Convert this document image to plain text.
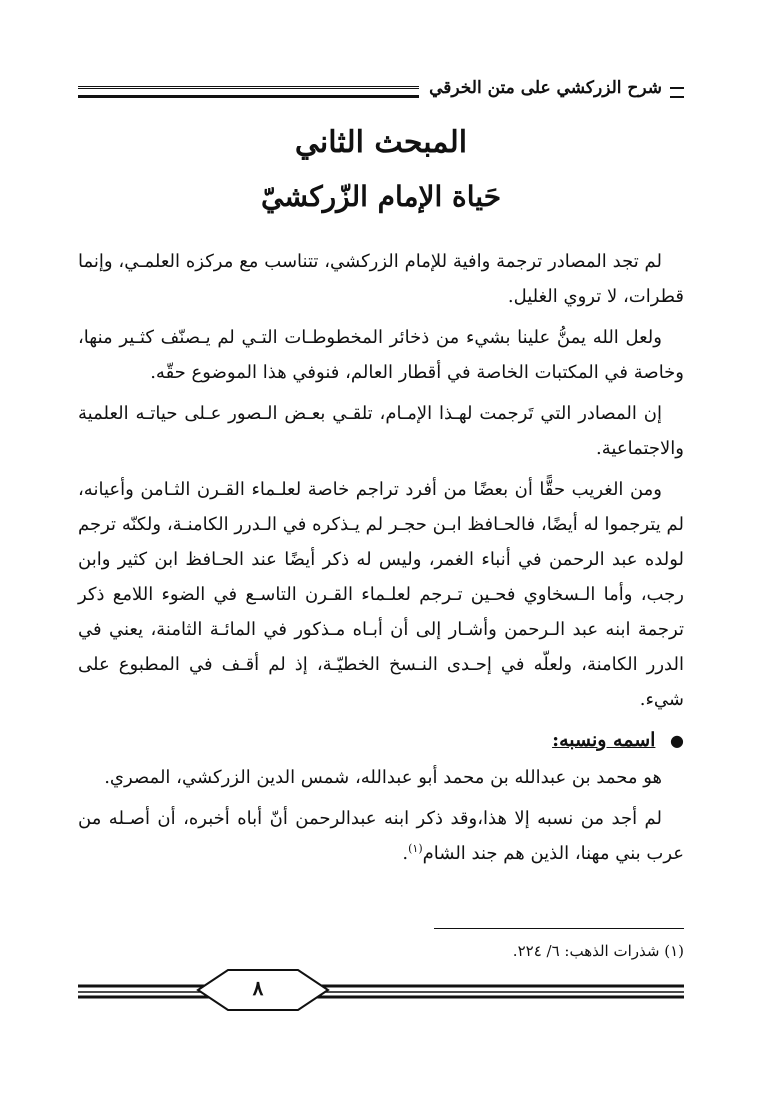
شرح الزركشي على متن الخرقي
المبحث الثاني
حَياة الإمام الزّركشيّ

لم تجد المصادر ترجمة وافية للإمام الزركشي، تتناسب مع مركزه العلمـي، وإنما قطرات، لا تروي الغليل.

ولعل الله يمنُّ علينا بشيء من ذخائر المخطوطـات التـي لم يـصنّف كثـير منها، وخاصة في المكتبات الخاصة في أقطار العالم، فنوفي هذا الموضوع حقّه.

إن المصادر التي تَرجمت لهـذا الإمـام، تلقـي بعـض الـصور عـلى حياتـه العلمية والاجتماعية.

ومن الغريب حقًّا أن بعضًا من أفرد تراجم خاصة لعلـماء القـرن الثـامن وأعيانه، لم يترجموا له أيضًا، فالحـافظ ابـن حجـر لم يـذكره في الـدرر الكامنـة، ولكنّه ترجم لولده عبد الرحمن في أنباء الغمر، وليس له ذكر أيضًا عند الحـافظ ابن كثير وابن رجب، وأما الـسخاوي فحـين تـرجم لعلـماء القـرن التاسـع في الضوء اللامع ذكر ترجمة ابنه عبد الـرحمن وأشـار إلى أن أبـاه مـذكور في المائـة الثامنة، يعني في الدرر الكامنة، ولعلّه في إحـدى النـسخ الخطيّـة، إذ لم أقـف في المطبوع على شيء.

● اسمه ونسبه:

هو محمد بن عبدالله بن محمد أبو عبدالله، شمس الدين الزركشي، المصري.

لم أجد من نسبه إلا هذا،وقد ذكر ابنه عبدالرحمن أنّ أباه أخبره، أن أصـله من عرب بني مهنا، الذين هم جند الشام$^{(١)}$.

(١) شذرات الذهب: ٦/ ٢٢٤.
٨
